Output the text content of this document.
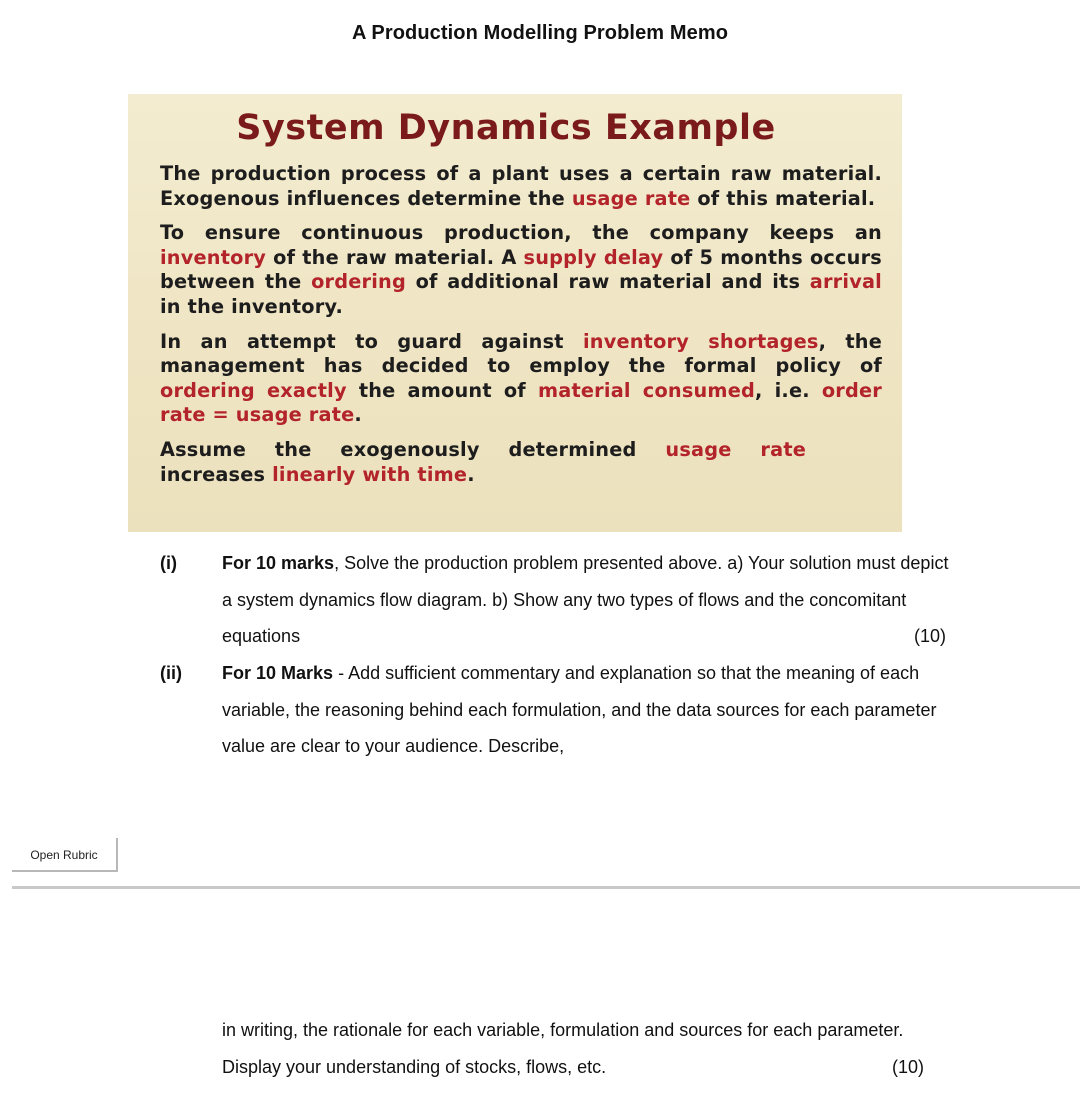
A Production Modelling Problem Memo
System Dynamics Example

The production process of a plant uses a certain raw material. Exogenous influences determine the usage rate of this material.

To ensure continuous production, the company keeps an inventory of the raw material. A supply delay of 5 months occurs between the ordering of additional raw material and its arrival in the inventory.

In an attempt to guard against inventory shortages, the management has decided to employ the formal policy of ordering exactly the amount of material consumed, i.e. order rate = usage rate.

Assume the exogenously determined usage rate
increases linearly with time.

(i)	For 10 marks, Solve the production problem presented above. a) Your solution must depict a system dynamics flow diagram. b) Show any two types of flows and the concomitant equations	(10)
(ii) For 10 Marks - Add sufficient commentary and explanation so that the meaning of each variable, the reasoning behind each formulation, and the data sources for each parameter value are clear to your audience. Describe,
Open Rubric
in writing, the rationale for each variable, formulation and sources for each parameter. Display your understanding of stocks, flows, etc.	(10)
